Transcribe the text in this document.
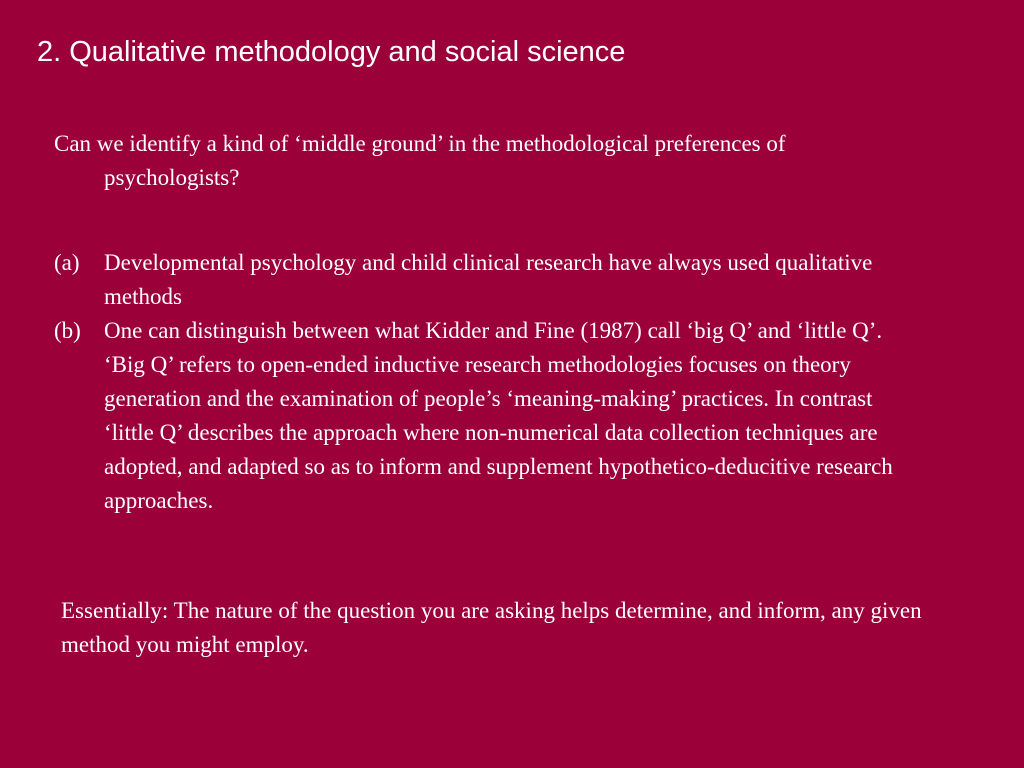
2. Qualitative methodology and social science

Can we identify a kind of ‘middle ground’ in the methodological preferences of psychologists?

(a)	Developmental psychology and child clinical research have always used qualitative methods
(b)	One can distinguish between what Kidder and Fine (1987) call ‘big Q’ and ‘little Q’. ‘Big Q’ refers to open-ended inductive research methodologies focuses on theory generation and the examination of people’s ‘meaning-making’ practices. In contrast ‘little Q’ describes the approach where non-numerical data collection techniques are adopted, and adapted so as to inform and supplement hypothetico-deducitive research approaches.

Essentially: The nature of the question you are asking helps determine, and inform, any given method you might employ.
